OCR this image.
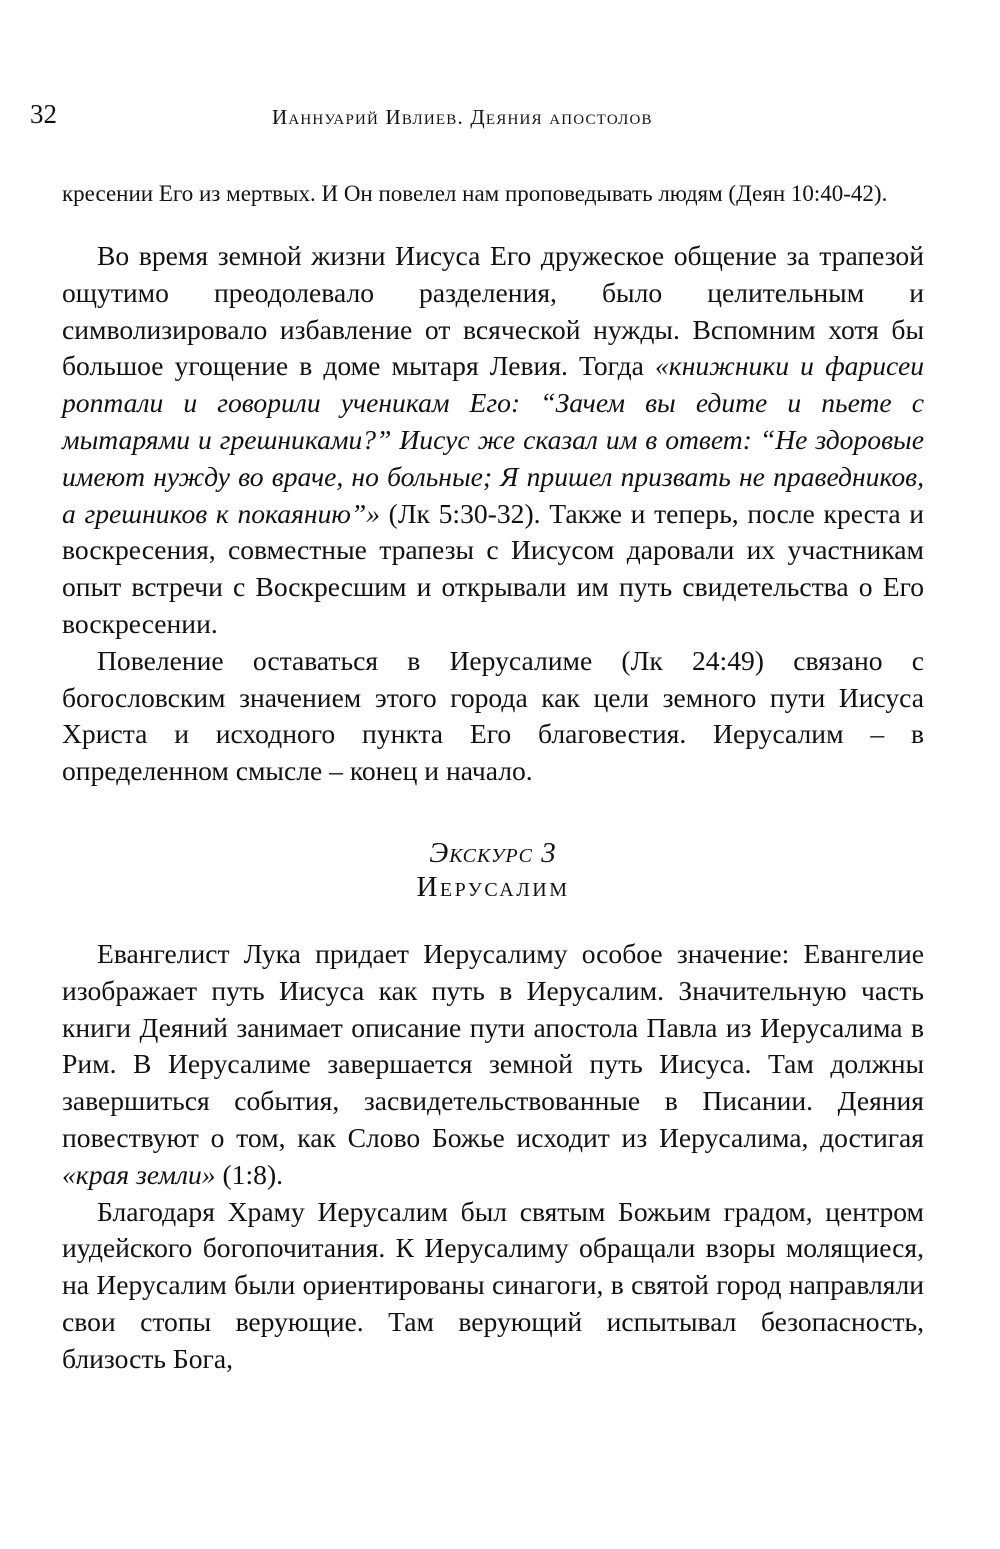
32	Ианнуарий Ивлиев. Деяния апостолов

кресении Его из мертвых. И Он повелел нам проповедывать людям (Деян 10:40-42).

Во время земной жизни Иисуса Его дружеское общение за трапезой ощутимо преодолевало разделения, было целительным и символизировало избавление от всяческой нужды. Вспомним хотя бы большое угощение в доме мытаря Левия. Тогда «книжники и фарисеи роптали и говорили ученикам Его: “Зачем вы едите и пьете с мытарями и грешниками?” Иисус же сказал им в ответ: “Не здоровые имеют нужду во враче, но больные; Я пришел призвать не праведников, а грешников к покаянию”» (Лк 5:30-32). Также и теперь, после креста и воскресения, совместные трапезы с Иисусом даровали их участникам опыт встречи с Воскресшим и открывали им путь свидетельства о Его воскресении.

Повеление оставаться в Иерусалиме (Лк 24:49) связано с богословским значением этого города как цели земного пути Иисуса Христа и исходного пункта Его благовестия. Иерусалим – в определенном смысле – конец и начало.

Экскурс 3
Иерусалим

Евангелист Лука придает Иерусалиму особое значение: Евангелие изображает путь Иисуса как путь в Иерусалим. Значительную часть книги Деяний занимает описание пути апостола Павла из Иерусалима в Рим. В Иерусалиме завершается земной путь Иисуса. Там должны завершиться события, засвидетельствованные в Писании. Деяния повествуют о том, как Слово Божье исходит из Иерусалима, достигая «края земли» (1:8).

Благодаря Храму Иерусалим был святым Божьим градом, центром иудейского богопочитания. К Иерусалиму обращали взоры молящиеся, на Иерусалим были ориентированы синагоги, в святой город направляли свои стопы верующие. Там верующий испытывал безопасность, близость Бога,
